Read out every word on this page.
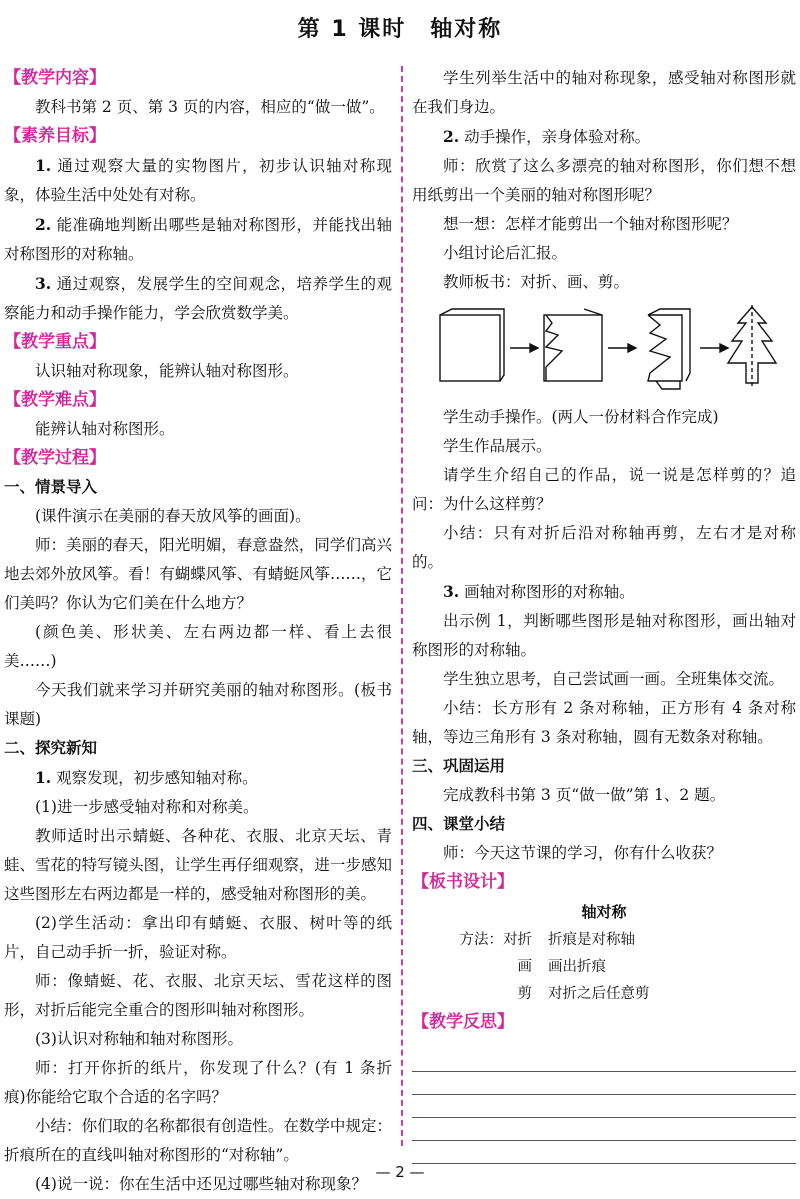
第 1 课时　轴对称

【教学内容】

教科书第 2 页、第 3 页的内容，相应的“做一做”。

【素养目标】

1. 通过观察大量的实物图片，初步认识轴对称现象，体验生活中处处有对称。

2. 能准确地判断出哪些是轴对称图形，并能找出轴对称图形的对称轴。

3. 通过观察，发展学生的空间观念，培养学生的观察能力和动手操作能力，学会欣赏数学美。

【教学重点】

认识轴对称现象，能辨认轴对称图形。

【教学难点】

能辨认轴对称图形。

【教学过程】

一、情景导入

(课件演示在美丽的春天放风筝的画面)。

师：美丽的春天，阳光明媚，春意盎然，同学们高兴地去郊外放风筝。看！有蝴蝶风筝、有蜻蜓风筝……，它们美吗？你认为它们美在什么地方？

(颜色美、形状美、左右两边都一样、看上去很美……)

今天我们就来学习并研究美丽的轴对称图形。(板书课题)

二、探究新知

1. 观察发现，初步感知轴对称。

(1)进一步感受轴对称和对称美。

教师适时出示蜻蜓、各种花、衣服、北京天坛、青蛙、雪花的特写镜头图，让学生再仔细观察，进一步感知这些图形左右两边都是一样的，感受轴对称图形的美。

(2)学生活动：拿出印有蜻蜓、衣服、树叶等的纸片，自己动手折一折，验证对称。

师：像蜻蜓、花、衣服、北京天坛、雪花这样的图形，对折后能完全重合的图形叫轴对称图形。

(3)认识对称轴和轴对称图形。

师：打开你折的纸片，你发现了什么？(有 1 条折痕)你能给它取个合适的名字吗？

小结：你们取的名称都很有创造性。在数学中规定：折痕所在的直线叫轴对称图形的“对称轴”。

(4)说一说：你在生活中还见过哪些轴对称现象？

学生列举生活中的轴对称现象，感受轴对称图形就在我们身边。

2. 动手操作，亲身体验对称。

师：欣赏了这么多漂亮的轴对称图形，你们想不想用纸剪出一个美丽的轴对称图形呢？

想一想：怎样才能剪出一个轴对称图形呢？

小组讨论后汇报。

教师板书：对折、画、剪。

学生动手操作。(两人一份材料合作完成)

学生作品展示。

请学生介绍自己的作品，说一说是怎样剪的？追问：为什么这样剪？

小结：只有对折后沿对称轴再剪，左右才是对称的。

3. 画轴对称图形的对称轴。

出示例 1，判断哪些图形是轴对称图形，画出轴对称图形的对称轴。

学生独立思考，自己尝试画一画。全班集体交流。

小结：长方形有 2 条对称轴，正方形有 4 条对称轴，等边三角形有 3 条对称轴，圆有无数条对称轴。

三、巩固运用

完成教科书第 3 页“做一做”第 1、2 题。

四、课堂小结

师：今天这节课的学习，你有什么收获？

【板书设计】

轴对称
方法：对折	折痕是对称轴
画	画出折痕
剪	对折之后任意剪

【教学反思】

— 2 —
